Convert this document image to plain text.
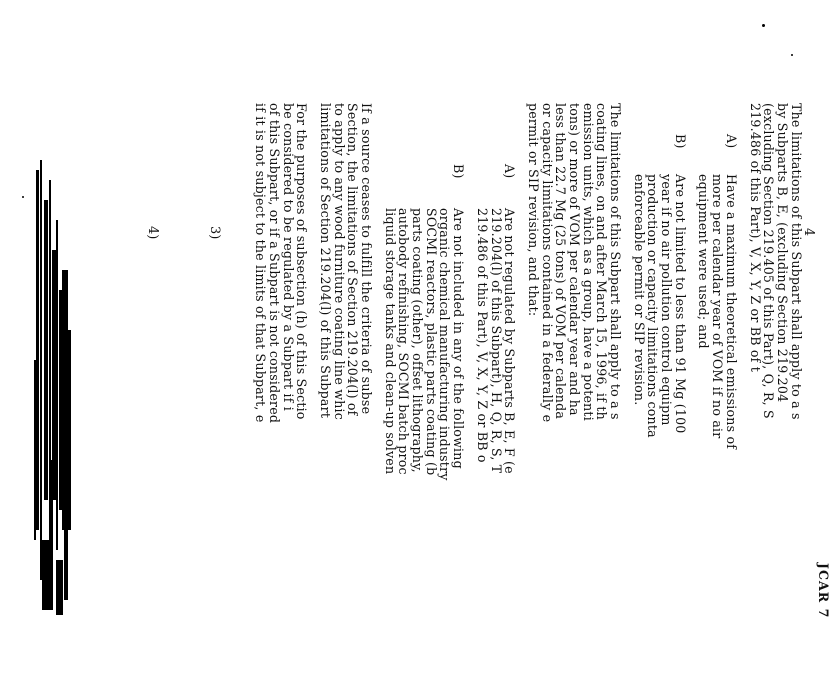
JCAR 7
4
The limitations of this Subpart shall apply to a s
by Subparts B, E, (excluding Section 219.204
(excluding Section 219.405 of this Part), Q, R, S
219.486 of this Part), V, X, Y, Z or BB of t
A)
Have a maximum theoretical emissions of
more per calendar year of VOM if no air
equipment were used; and
B)
Are not limited to less than 91 Mg (100
year if no air pollution control equipm
production or capacity limitations conta
enforceable permit or SIP revision.
The limitations of this Subpart shall apply to a s
coating lines, on and after March 15, 1996, if th
emission units, which as a group, have a potenti
tons) or more of VOM per calendar year and ha
less than 22.7 Mg (25 tons) of VOM per calenda
or capacity limitations contained in a federally e
permit or SIP revision, and that:
A)
Are not regulated by Subparts B, E, F (e
219.204(l) of this Subpart), H, Q, R, S, T
219.486 of this Part), V, X, Y, Z or BB o
B)
Are not included in any of the following
organic chemical manufacturing industry
SOCMI reactors, plastic parts coating (b
parts coating (other), offset lithography,
autobody refinishing, SOCMI batch proc
liquid storage tanks and clean-up solven
If a source ceases to fulfill the criteria of subse
Section, the limitations of Section 219.204(l) of
to apply to any wood furniture coating line whic
limitations of Section 219.204(l) of this Subpart
For the purposes of subsection (h) of this Sectio
be considered to be regulated by a Subpart if i
of this Subpart, or if a Subpart is not considered
if it is not subject to the limits of that Subpart, e
4)	3)
